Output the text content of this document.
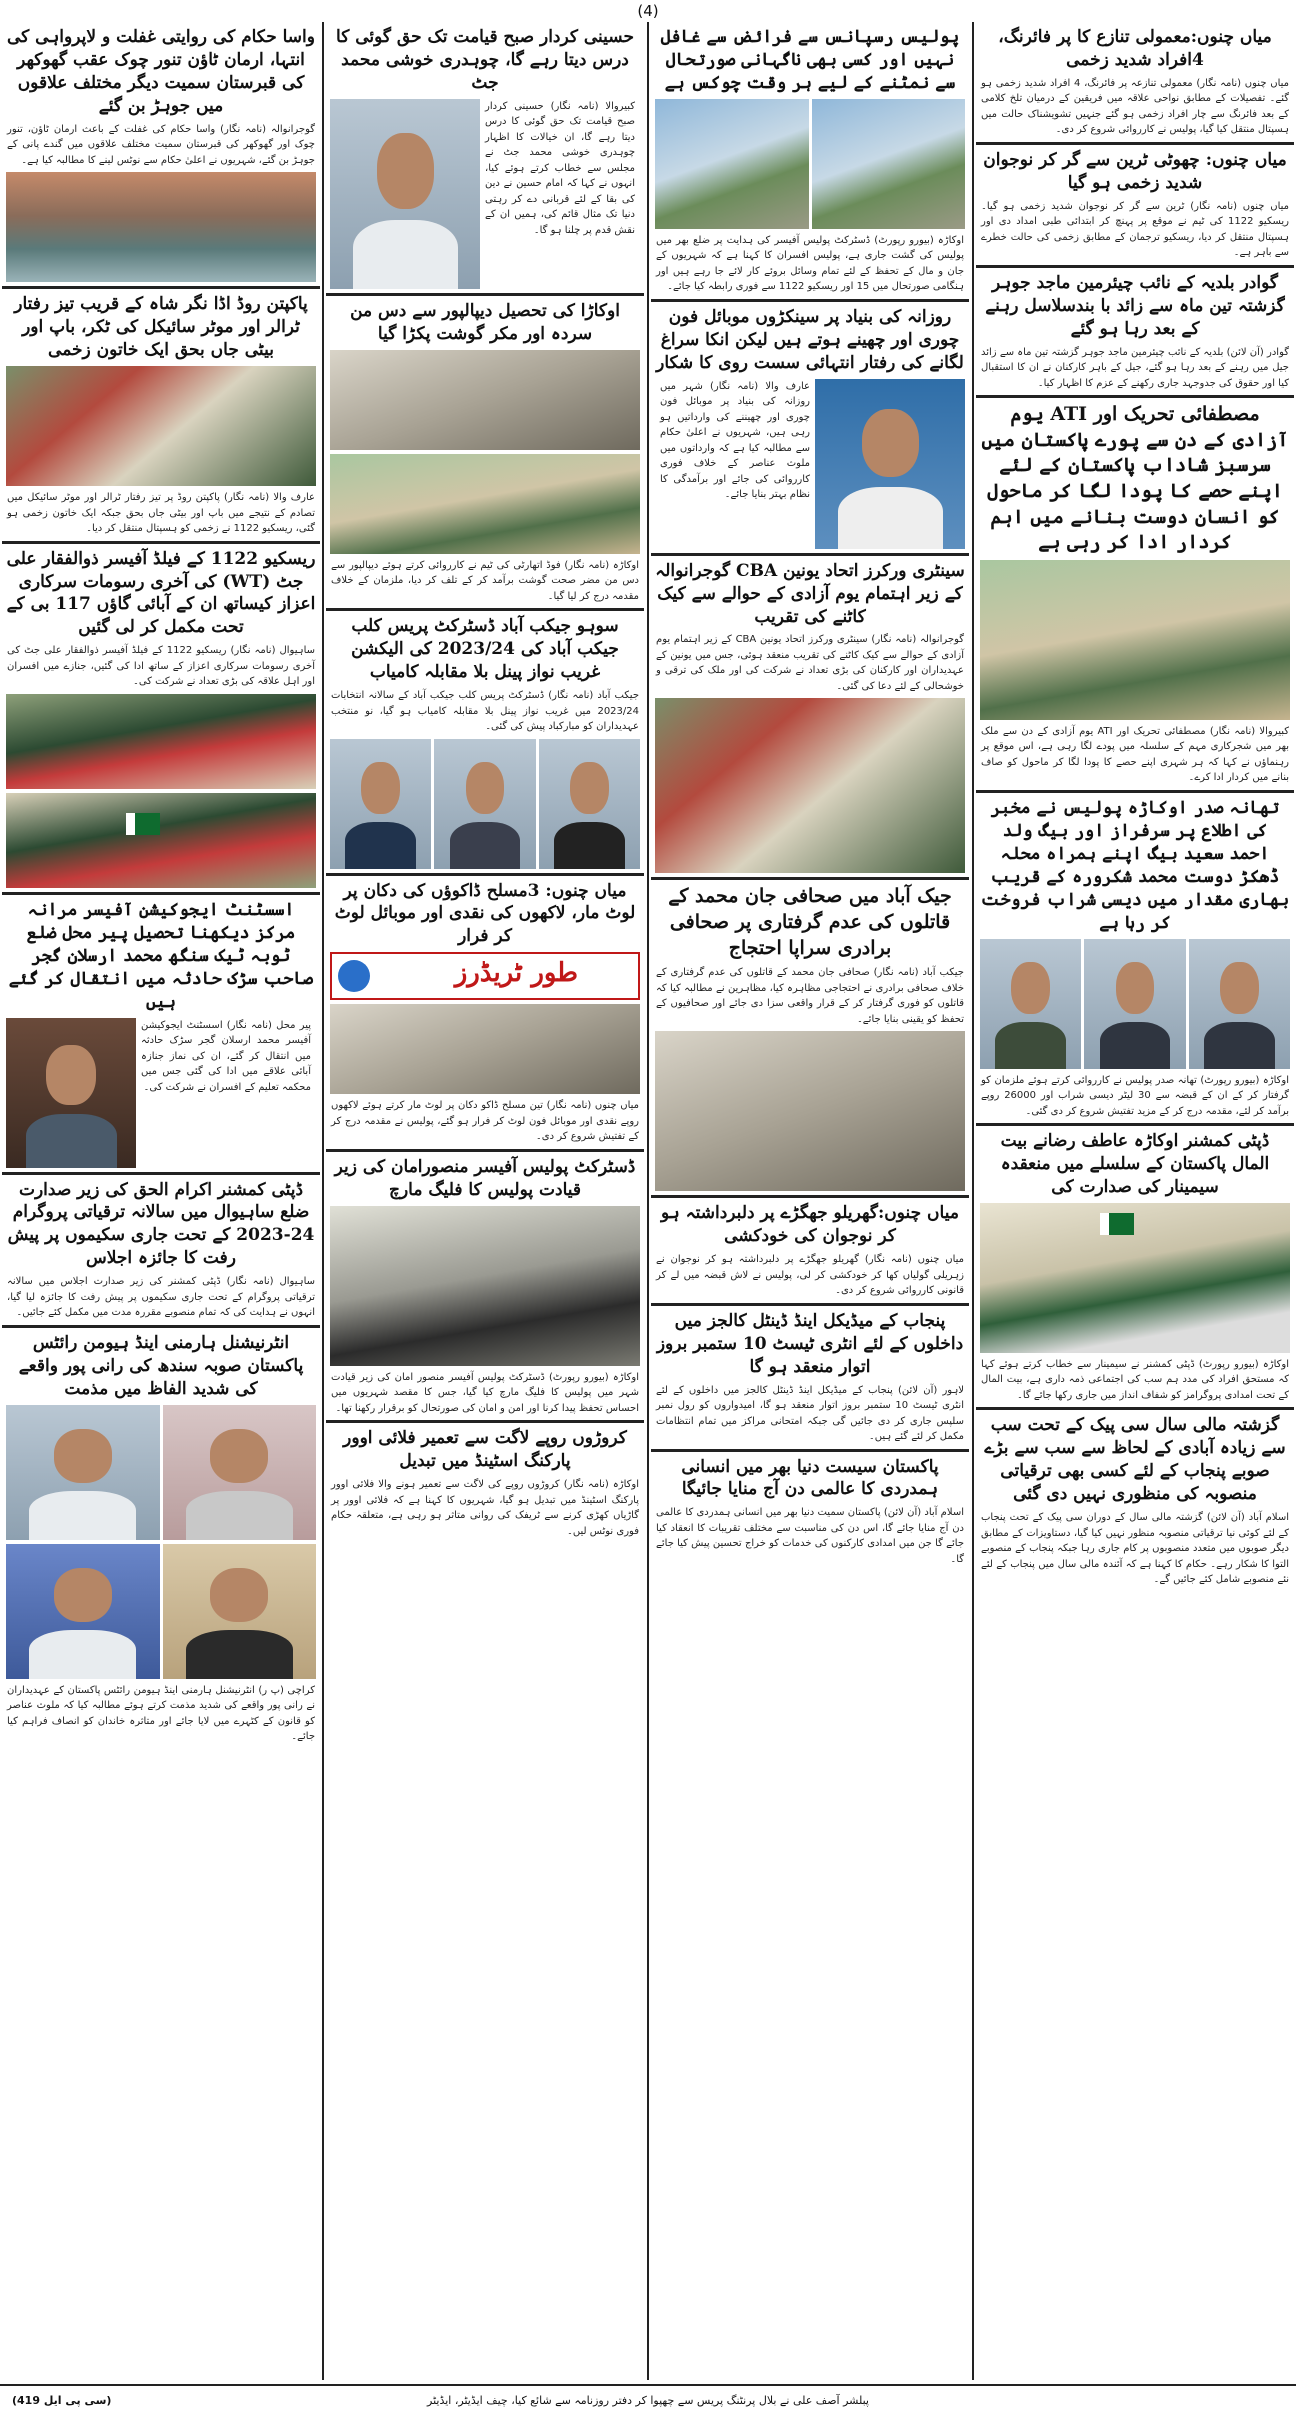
(4)
میاں چنوں:معمولی تنازع کا پر فائرنگ، 4افراد شدید زخمی
میاں چنوں (نامہ نگار) معمولی تنازعہ پر فائرنگ، 4 افراد شدید زخمی ہو گئے۔ تفصیلات کے مطابق نواحی علاقہ میں فریقین کے درمیان تلخ کلامی کے بعد فائرنگ سے چار افراد زخمی ہو گئے جنہیں تشویشناک حالت میں ہسپتال منتقل کیا گیا، پولیس نے کارروائی شروع کر دی۔
میاں چنوں: چھوٹی ٹرین سے گر کر نوجوان شدید زخمی ہو گیا
میاں چنوں (نامہ نگار) ٹرین سے گر کر نوجوان شدید زخمی ہو گیا۔ ریسکیو 1122 کی ٹیم نے موقع پر پہنچ کر ابتدائی طبی امداد دی اور ہسپتال منتقل کر دیا، ریسکیو ترجمان کے مطابق زخمی کی حالت خطرے سے باہر ہے۔
گوادر بلدیہ کے نائب چیئرمین ماجد جوہر گزشتہ تین ماہ سے زائد با بندسلاسل رہنے کے بعد رہا ہو گئے
گوادر (آن لائن) بلدیہ کے نائب چیئرمین ماجد جوہر گزشتہ تین ماہ سے زائد جیل میں رہنے کے بعد رہا ہو گئے، جیل کے باہر کارکنان نے ان کا استقبال کیا اور حقوق کی جدوجہد جاری رکھنے کے عزم کا اظہار کیا۔
مصطفائی تحریک اور ATI یوم آزادی کے دن سے پورے پاکستان میں سرسبز شاداب پاکستان کے لئے اپنے حصے کا پودا لگا کر ماحول کو انسان دوست بنانے میں اہم کردار ادا کر رہی ہے
کبیروالا (نامہ نگار) مصطفائی تحریک اور ATI یوم آزادی کے دن سے ملک بھر میں شجرکاری مہم کے سلسلہ میں پودے لگا رہی ہے، اس موقع پر رہنماؤں نے کہا کہ ہر شہری اپنے حصے کا پودا لگا کر ماحول کو صاف بنانے میں کردار ادا کرے۔
تھانہ صدر اوکاڑہ پولیس نے مخبر کی اطلاع پر سرفراز اور بیگ ولد احمد سعید بیگ اپنے ہمراہ محلہ ڈھکڑ دوست محمد شکرورہ کے قریب بھاری مقدار میں دیسی شراب فروخت کر رہا ہے
اوکاڑہ (بیورو رپورٹ) تھانہ صدر پولیس نے کارروائی کرتے ہوئے ملزمان کو گرفتار کر کے ان کے قبضہ سے 30 لیٹر دیسی شراب اور 26000 روپے برآمد کر لئے، مقدمہ درج کر کے مزید تفتیش شروع کر دی گئی۔
ڈپٹی کمشنر اوکاڑہ عاطف رضانے بیت المال پاکستان کے سلسلے میں منعقدہ سیمینار کی صدارت کی
اوکاڑہ (بیورو رپورٹ) ڈپٹی کمشنر نے سیمینار سے خطاب کرتے ہوئے کہا کہ مستحق افراد کی مدد ہم سب کی اجتماعی ذمہ داری ہے، بیت المال کے تحت امدادی پروگرامز کو شفاف انداز میں جاری رکھا جائے گا۔
گزشتہ مالی سال سی پیک کے تحت سب سے زیادہ آبادی کے لحاظ سے سب سے بڑے صوبے پنجاب کے لئے کسی بھی ترقیاتی منصوبہ کی منظوری نہیں دی گئی
اسلام آباد (آن لائن) گزشتہ مالی سال کے دوران سی پیک کے تحت پنجاب کے لئے کوئی نیا ترقیاتی منصوبہ منظور نہیں کیا گیا، دستاویزات کے مطابق دیگر صوبوں میں متعدد منصوبوں پر کام جاری رہا جبکہ پنجاب کے منصوبے التوا کا شکار رہے۔ حکام کا کہنا ہے کہ آئندہ مالی سال میں پنجاب کے لئے نئے منصوبے شامل کئے جائیں گے۔
پولیس رسپانس سے فرائض سے غافل نہیں اور کسی بھی ناگہانی صورتحال سے نمٹنے کے لیے ہر وقت چوکس ہے
اوکاڑہ (بیورو رپورٹ) ڈسٹرکٹ پولیس آفیسر کی ہدایت پر ضلع بھر میں پولیس کی گشت جاری ہے، پولیس افسران کا کہنا ہے کہ شہریوں کے جان و مال کے تحفظ کے لئے تمام وسائل بروئے کار لائے جا رہے ہیں اور ہنگامی صورتحال میں 15 اور ریسکیو 1122 سے فوری رابطہ کیا جائے۔
روزانہ کی بنیاد پر سینکڑوں موبائل فون چوری اور چھینے ہوتے ہیں لیکن انکا سراغ لگانے کی رفتار انتہائی سست روی کا شکار
عارف والا (نامہ نگار) شہر میں روزانہ کی بنیاد پر موبائل فون چوری اور چھیننے کی وارداتیں ہو رہی ہیں، شہریوں نے اعلیٰ حکام سے مطالبہ کیا ہے کہ وارداتوں میں ملوث عناصر کے خلاف فوری کارروائی کی جائے اور برآمدگی کا نظام بہتر بنایا جائے۔
سینٹری ورکرز اتحاد یونین CBA گوجرانوالہ کے زیر اہتمام یوم آزادی کے حوالے سے کیک کاٹنے کی تقریب
گوجرانوالہ (نامہ نگار) سینٹری ورکرز اتحاد یونین CBA کے زیر اہتمام یوم آزادی کے حوالے سے کیک کاٹنے کی تقریب منعقد ہوئی، جس میں یونین کے عہدیداران اور کارکنان کی بڑی تعداد نے شرکت کی اور ملک کی ترقی و خوشحالی کے لئے دعا کی گئی۔
جیک آباد میں صحافی جان محمد کے قاتلوں کی عدم گرفتاری پر صحافی برادری سراپا احتجاج
جیکب آباد (نامہ نگار) صحافی جان محمد کے قاتلوں کی عدم گرفتاری کے خلاف صحافی برادری نے احتجاجی مظاہرہ کیا، مظاہرین نے مطالبہ کیا کہ قاتلوں کو فوری گرفتار کر کے قرار واقعی سزا دی جائے اور صحافیوں کے تحفظ کو یقینی بنایا جائے۔
میاں چنوں:گھریلو جھگڑے پر دلبرداشتہ ہو کر نوجوان کی خودکشی
میاں چنوں (نامہ نگار) گھریلو جھگڑے پر دلبرداشتہ ہو کر نوجوان نے زہریلی گولیاں کھا کر خودکشی کر لی، پولیس نے لاش قبضہ میں لے کر قانونی کارروائی شروع کر دی۔
پنجاب کے میڈیکل اینڈ ڈینٹل کالجز میں داخلوں کے لئے انٹری ٹیسٹ 10 ستمبر بروز اتوار منعقد ہو گا
لاہور (آن لائن) پنجاب کے میڈیکل اینڈ ڈینٹل کالجز میں داخلوں کے لئے انٹری ٹیسٹ 10 ستمبر بروز اتوار منعقد ہو گا، امیدواروں کو رول نمبر سلپس جاری کر دی جائیں گی جبکہ امتحانی مراکز میں تمام انتظامات مکمل کر لئے گئے ہیں۔
پاکستان سیست دنیا بھر میں انسانی ہمدردی کا عالمی دن آج منایا جائیگا
اسلام آباد (آن لائن) پاکستان سمیت دنیا بھر میں انسانی ہمدردی کا عالمی دن آج منایا جائے گا، اس دن کی مناسبت سے مختلف تقریبات کا انعقاد کیا جائے گا جن میں امدادی کارکنوں کی خدمات کو خراج تحسین پیش کیا جائے گا۔
حسینی کردار صبح قیامت تک حق گوئی کا درس دیتا رہے گا، چوہدری خوشی محمد جٹ
کبیروالا (نامہ نگار) حسینی کردار صبح قیامت تک حق گوئی کا درس دیتا رہے گا، ان خیالات کا اظہار چوہدری خوشی محمد جٹ نے مجلس سے خطاب کرتے ہوئے کیا، انہوں نے کہا کہ امام حسین نے دین کی بقا کے لئے قربانی دے کر رہتی دنیا تک مثال قائم کی، ہمیں ان کے نقش قدم پر چلنا ہو گا۔
اوکاڑا کی تحصیل دیپالپور سے دس من سردہ اور مکر گوشت پکڑا گیا
اوکاڑہ (نامہ نگار) فوڈ اتھارٹی کی ٹیم نے کارروائی کرتے ہوئے دیپالپور سے دس من مضر صحت گوشت برآمد کر کے تلف کر دیا، ملزمان کے خلاف مقدمہ درج کر لیا گیا۔
سوہو جیکب آباد ڈسٹرکٹ پریس کلب جیکب آباد کی 2023/24 کی الیکشن غریب نواز پینل بلا مقابلہ کامیاب
جیکب آباد (نامہ نگار) ڈسٹرکٹ پریس کلب جیکب آباد کے سالانہ انتخابات 2023/24 میں غریب نواز پینل بلا مقابلہ کامیاب ہو گیا، نو منتخب عہدیداران کو مبارکباد پیش کی گئی۔
میاں چنوں: 3مسلح ڈاکوؤں کی دکان پر لوٹ مار، لاکھوں کی نقدی اور موبائل لوٹ کر فرار
طور ٹریڈرز
میاں چنوں (نامہ نگار) تین مسلح ڈاکو دکان پر لوٹ مار کرتے ہوئے لاکھوں روپے نقدی اور موبائل فون لوٹ کر فرار ہو گئے، پولیس نے مقدمہ درج کر کے تفتیش شروع کر دی۔
ڈسٹرکٹ پولیس آفیسر منصورامان کی زیر قیادت پولیس کا فلیگ مارچ
اوکاڑہ (بیورو رپورٹ) ڈسٹرکٹ پولیس آفیسر منصور امان کی زیر قیادت شہر میں پولیس کا فلیگ مارچ کیا گیا، جس کا مقصد شہریوں میں احساس تحفظ پیدا کرنا اور امن و امان کی صورتحال کو برقرار رکھنا تھا۔
کروڑوں روپے لاگت سے تعمیر فلائی اوور پارکنگ اسٹینڈ میں تبدیل
اوکاڑہ (نامہ نگار) کروڑوں روپے کی لاگت سے تعمیر ہونے والا فلائی اوور پارکنگ اسٹینڈ میں تبدیل ہو گیا، شہریوں کا کہنا ہے کہ فلائی اوور پر گاڑیاں کھڑی کرنے سے ٹریفک کی روانی متاثر ہو رہی ہے، متعلقہ حکام فوری نوٹس لیں۔
واسا حکام کی روایتی غفلت و لاپرواہی کی انتہا، ارمان ٹاؤن تنور چوک عقب گھوکھر کی قبرستان سمیت دیگر مختلف علاقوں میں جوہڑ بن گئے
گوجرانوالہ (نامہ نگار) واسا حکام کی غفلت کے باعث ارمان ٹاؤن، تنور چوک اور گھوکھر کی قبرستان سمیت مختلف علاقوں میں گندے پانی کے جوہڑ بن گئے، شہریوں نے اعلیٰ حکام سے نوٹس لینے کا مطالبہ کیا ہے۔
پاکپتن روڈ اڈا نگر شاہ کے قریب تیز رفتار ٹرالر اور موٹر سائیکل کی ٹکر، باپ اور بیٹی جاں بحق ایک خاتون زخمی
عارف والا (نامہ نگار) پاکپتن روڈ پر تیز رفتار ٹرالر اور موٹر سائیکل میں تصادم کے نتیجے میں باپ اور بیٹی جاں بحق جبکہ ایک خاتون زخمی ہو گئی، ریسکیو 1122 نے زخمی کو ہسپتال منتقل کر دیا۔
ریسکیو 1122 کے فیلڈ آفیسر ذوالفقار علی جٹ (WT) کی آخری رسومات سرکاری اعزاز کیساتھ ان کے آبائی گاؤں 117 بی کے تحت مکمل کر لی گئیں
ساہیوال (نامہ نگار) ریسکیو 1122 کے فیلڈ آفیسر ذوالفقار علی جٹ کی آخری رسومات سرکاری اعزاز کے ساتھ ادا کی گئیں، جنازے میں افسران اور اہل علاقہ کی بڑی تعداد نے شرکت کی۔
اسسٹنٹ ایجوکیشن آفیسر مرانہ مرکز دیکھنا تحصیل پیر محل ضلع ٹوبہ ٹیک سنگھ محمد ارسلان گجر صاحب سڑک حادثہ میں انتقال کر گئے ہیں
پیر محل (نامہ نگار) اسسٹنٹ ایجوکیشن آفیسر محمد ارسلان گجر سڑک حادثہ میں انتقال کر گئے، ان کی نماز جنازہ آبائی علاقے میں ادا کی گئی جس میں محکمہ تعلیم کے افسران نے شرکت کی۔
ڈپٹی کمشنر اکرام الحق کی زیر صدارت ضلع ساہیوال میں سالانہ ترقیاتی پروگرام 24-2023 کے تحت جاری سکیموں پر پیش رفت کا جائزہ اجلاس
ساہیوال (نامہ نگار) ڈپٹی کمشنر کی زیر صدارت اجلاس میں سالانہ ترقیاتی پروگرام کے تحت جاری سکیموں پر پیش رفت کا جائزہ لیا گیا، انہوں نے ہدایت کی کہ تمام منصوبے مقررہ مدت میں مکمل کئے جائیں۔
انٹرنیشنل ہارمنی اینڈ ہیومن رائٹس پاکستان صوبہ سندھ کی رانی پور واقعے کی شدید الفاظ میں مذمت
کراچی (پ ر) انٹرنیشنل ہارمنی اینڈ ہیومن رائٹس پاکستان کے عہدیداران نے رانی پور واقعے کی شدید مذمت کرتے ہوئے مطالبہ کیا کہ ملوث عناصر کو قانون کے کٹہرے میں لایا جائے اور متاثرہ خاندان کو انصاف فراہم کیا جائے۔
پبلشر آصف علی نے بلال پرنٹنگ پریس سے چھپوا کر دفتر روزنامہ سے شائع کیا، چیف ایڈیٹر، ایڈیٹر
(سی پی ایل 419)
